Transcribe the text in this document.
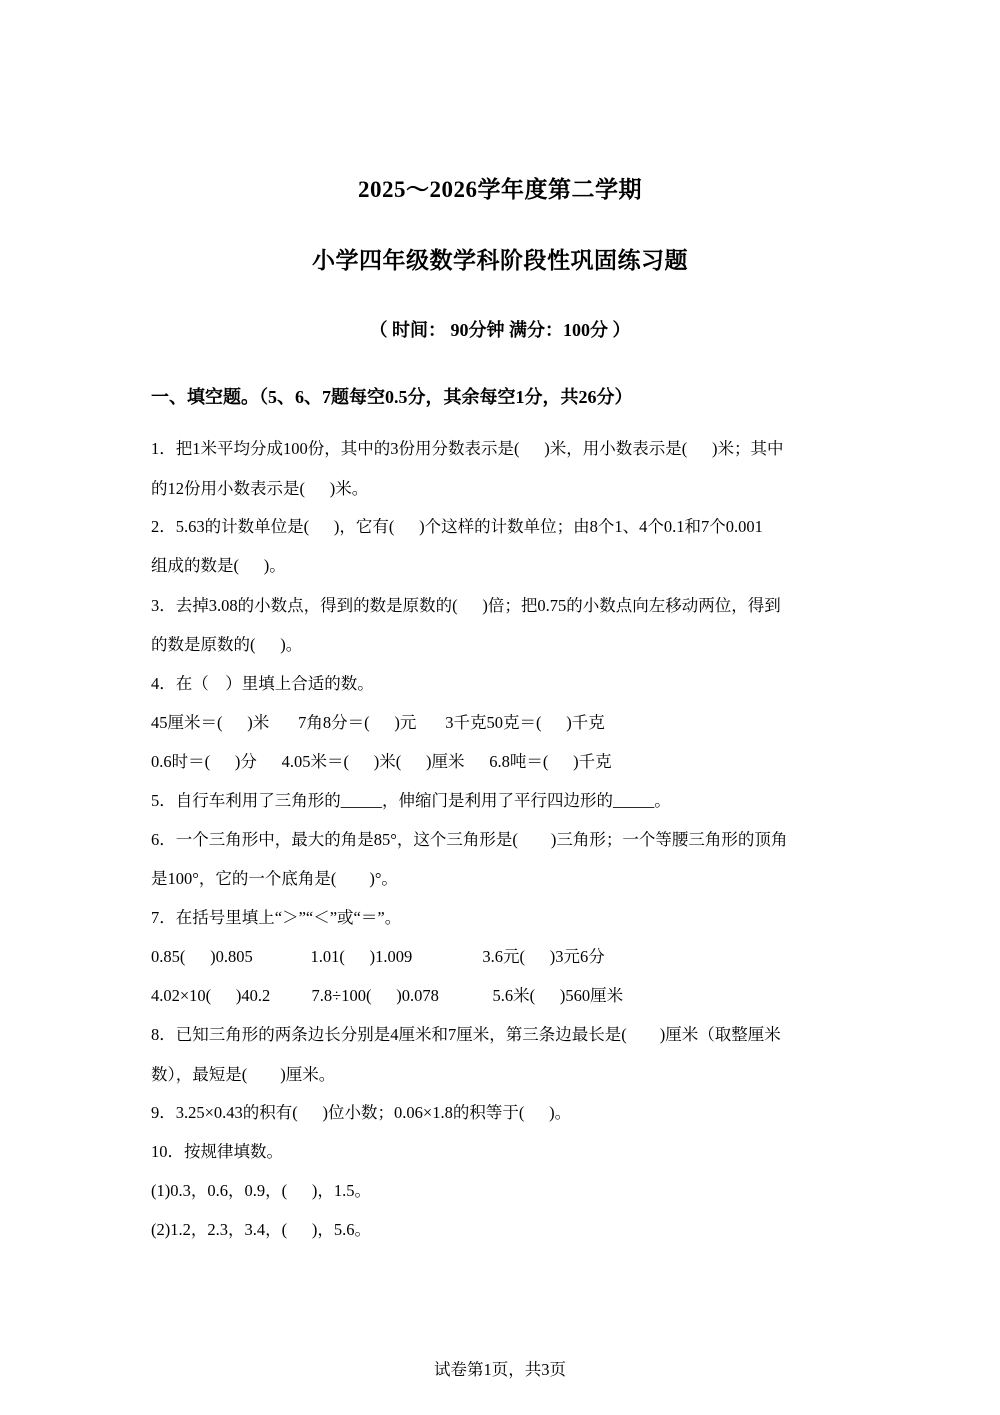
2025～2026学年度第二学期
小学四年级数学科阶段性巩固练习题
（ 时间： 90分钟 满分：100分 ）
一、填空题。（5、6、7题每空0.5分，其余每空1分，共26分）
1．把1米平均分成100份，其中的3份用分数表示是(      )米，用小数表示是(      )米；其中
的12份用小数表示是(      )米。
2．5.63的计数单位是(      )，它有(      )个这样的计数单位；由8个1、4个0.1和7个0.001
组成的数是(      )。
3．去掉3.08的小数点，得到的数是原数的(      )倍；把0.75的小数点向左移动两位，得到
的数是原数的(      )。
4．在（    ）里填上合适的数。
45厘米＝(      )米       7角8分＝(      )元       3千克50克＝(      )千克
0.6时＝(      )分      4.05米＝(      )米(      )厘米      6.8吨＝(      )千克
5．自行车利用了三角形的_____，伸缩门是利用了平行四边形的_____。
6．一个三角形中，最大的角是85°，这个三角形是(        )三角形；一个等腰三角形的顶角
是100°，它的一个底角是(        )°。
7．在括号里填上“＞”“＜”或“＝”。
0.85(      )0.805              1.01(      )1.009                 3.6元(      )3元6分
4.02×10(      )40.2          7.8÷100(      )0.078             5.6米(      )560厘米
8．已知三角形的两条边长分别是4厘米和7厘米，第三条边最长是(        )厘米（取整厘米
数），最短是(        )厘米。
9．3.25×0.43的积有(      )位小数；0.06×1.8的积等于(      )。
10．按规律填数。
(1)0.3，0.6，0.9，(      )，1.5。
(2)1.2，2.3，3.4，(      )，5.6。
试卷第1页，共3页
